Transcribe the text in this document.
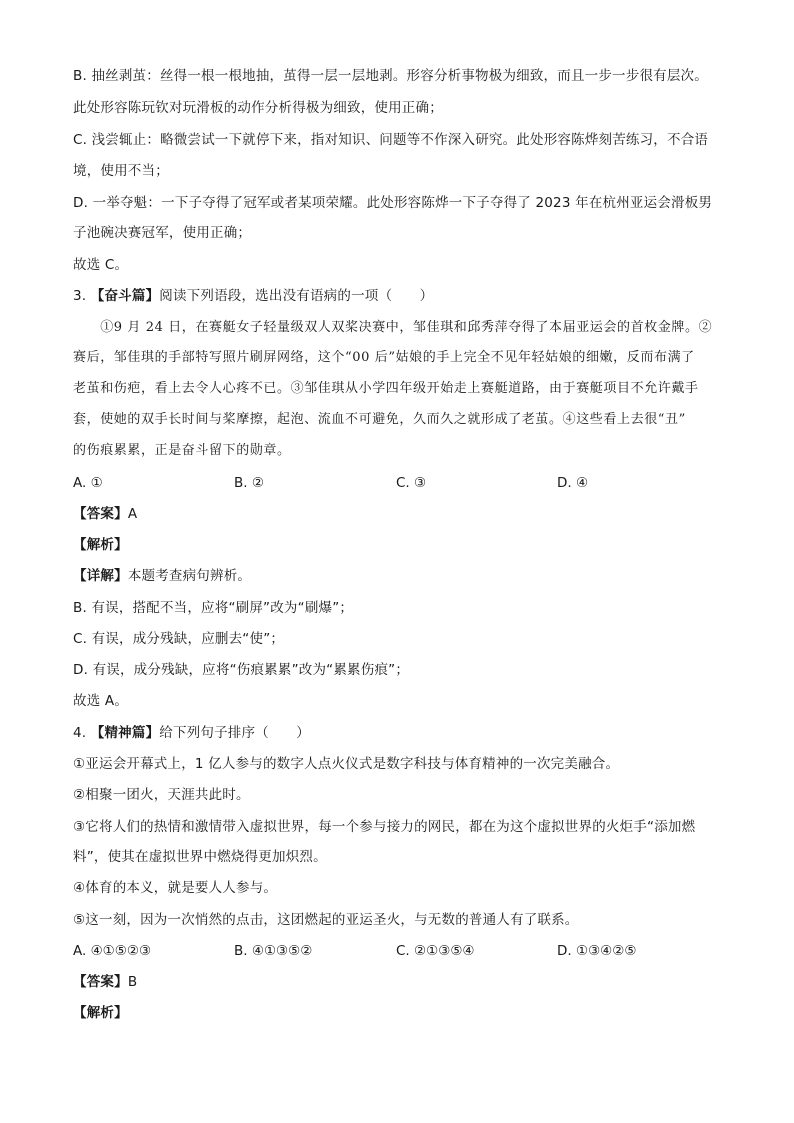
B. 抽丝剥茧：丝得一根一根地抽，茧得一层一层地剥。形容分析事物极为细致，而且一步一步很有层次。
此处形容陈玩钦对玩滑板的动作分析得极为细致，使用正确；
C. 浅尝辄止：略微尝试一下就停下来，指对知识、问题等不作深入研究。此处形容陈烨刻苦练习，不合语
境，使用不当；
D. 一举夺魁：一下子夺得了冠军或者某项荣耀。此处形容陈烨一下子夺得了 2023 年在杭州亚运会滑板男
子池碗决赛冠军，使用正确；
故选 C。
3. 【奋斗篇】阅读下列语段，选出没有语病的一项（　　）
　　①9 月 24 日，在赛艇女子轻量级双人双桨决赛中，邹佳琪和邱秀萍夺得了本届亚运会的首枚金牌。②
赛后，邹佳琪的手部特写照片刷屏网络，这个“00 后”姑娘的手上完全不见年轻姑娘的细嫩，反而布满了
老茧和伤疤，看上去令人心疼不已。③邹佳琪从小学四年级开始走上赛艇道路，由于赛艇项目不允许戴手
套，使她的双手长时间与桨摩擦，起泡、流血不可避免，久而久之就形成了老茧。④这些看上去很“丑”
的伤痕累累，正是奋斗留下的勋章。
A. ①	B. ②	C. ③	D. ④
【答案】A
【解析】
【详解】本题考查病句辨析。
B. 有误，搭配不当，应将“刷屏”改为“刷爆”；
C. 有误，成分残缺，应删去“使”；
D. 有误，成分残缺，应将“伤痕累累”改为“累累伤痕”；
故选 A。
4. 【精神篇】给下列句子排序（　　）
①亚运会开幕式上，1 亿人参与的数字人点火仪式是数字科技与体育精神的一次完美融合。
②相聚一团火，天涯共此时。
③它将人们的热情和激情带入虚拟世界，每一个参与接力的网民，都在为这个虚拟世界的火炬手“添加燃
料”，使其在虚拟世界中燃烧得更加炽烈。
④体育的本义，就是要人人参与。
⑤这一刻，因为一次悄然的点击，这团燃起的亚运圣火，与无数的普通人有了联系。
A. ④①⑤②③	B. ④①③⑤②	C. ②①③⑤④	D. ①③④②⑤
【答案】B
【解析】
